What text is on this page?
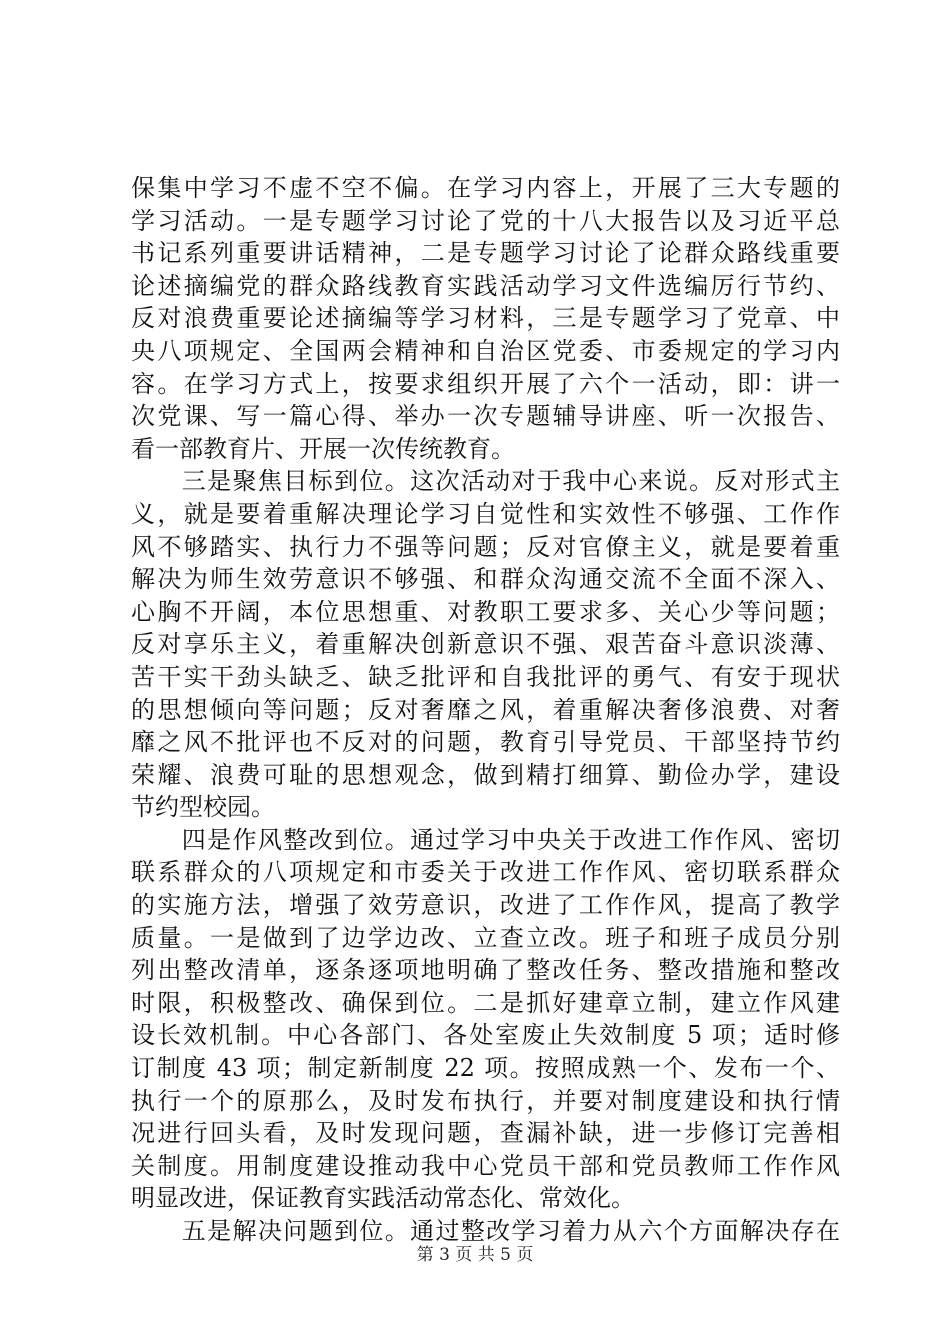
保集中学习不虚不空不偏。在学习内容上，开展了三大专题的
学习活动。一是专题学习讨论了党的十八大报告以及习近平总
书记系列重要讲话精神，二是专题学习讨论了论群众路线重要
论述摘编党的群众路线教育实践活动学习文件选编厉行节约、
反对浪费重要论述摘编等学习材料，三是专题学习了党章、中
央八项规定、全国两会精神和自治区党委、市委规定的学习内
容。在学习方式上，按要求组织开展了六个一活动，即：讲一
次党课、写一篇心得、举办一次专题辅导讲座、听一次报告、
看一部教育片、开展一次传统教育。
　　三是聚焦目标到位。这次活动对于我中心来说。反对形式主
义，就是要着重解决理论学习自觉性和实效性不够强、工作作
风不够踏实、执行力不强等问题；反对官僚主义，就是要着重
解决为师生效劳意识不够强、和群众沟通交流不全面不深入、
心胸不开阔，本位思想重、对教职工要求多、关心少等问题；
反对享乐主义，着重解决创新意识不强、艰苦奋斗意识淡薄、
苦干实干劲头缺乏、缺乏批评和自我批评的勇气、有安于现状
的思想倾向等问题；反对奢靡之风，着重解决奢侈浪费、对奢
靡之风不批评也不反对的问题，教育引导党员、干部坚持节约
荣耀、浪费可耻的思想观念，做到精打细算、勤俭办学，建设
节约型校园。
　　四是作风整改到位。通过学习中央关于改进工作作风、密切
联系群众的八项规定和市委关于改进工作作风、密切联系群众
的实施方法，增强了效劳意识，改进了工作作风，提高了教学
质量。一是做到了边学边改、立查立改。班子和班子成员分别
列出整改清单，逐条逐项地明确了整改任务、整改措施和整改
时限，积极整改、确保到位。二是抓好建章立制，建立作风建
设长效机制。中心各部门、各处室废止失效制度 5 项；适时修
订制度 43 项；制定新制度 22 项。按照成熟一个、发布一个、
执行一个的原那么，及时发布执行，并要对制度建设和执行情
况进行回头看，及时发现问题，查漏补缺，进一步修订完善相
关制度。用制度建设推动我中心党员干部和党员教师工作作风
明显改进，保证教育实践活动常态化、常效化。
　　五是解决问题到位。通过整改学习着力从六个方面解决存在
第 3 页 共 5 页
